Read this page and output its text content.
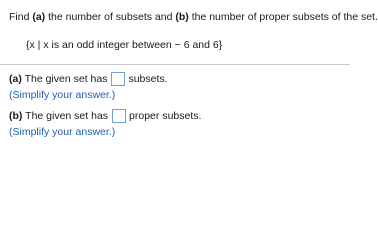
Find (a) the number of subsets and (b) the number of proper subsets of the set.
{x | x is an odd integer between − 6 and 6}
(a) The given set has subsets.
(Simplify your answer.)
(b) The given set has proper subsets.
(Simplify your answer.)
